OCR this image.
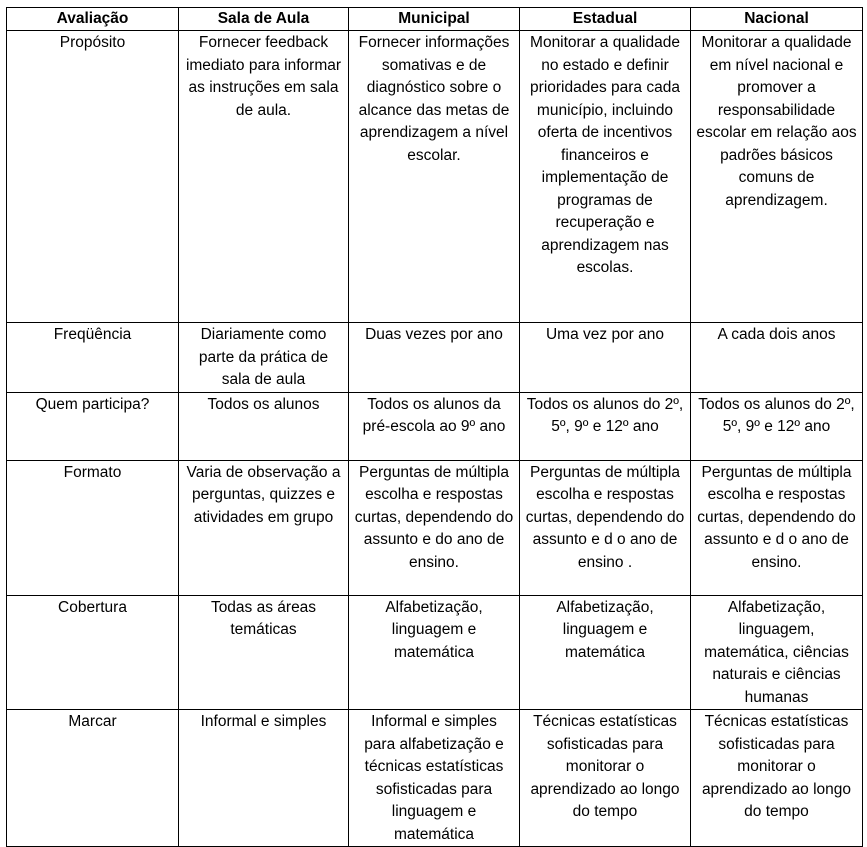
Avaliação	Sala de Aula	Municipal	Estadual	Nacional
Propósito	Fornecer feedback imediato para informar as instruções em sala de aula.	Fornecer informações somativas e de diagnóstico sobre o alcance das metas de aprendizagem a nível escolar.	Monitorar a qualidade no estado e definir prioridades para cada município, incluindo oferta de incentivos financeiros e implementação de programas de recuperação e aprendizagem nas escolas.	Monitorar a qualidade em nível nacional e promover a responsabilidade escolar em relação aos padrões básicos comuns de aprendizagem.
Freqüência	Diariamente como parte da prática de sala de aula	Duas vezes por ano	Uma vez por ano	A cada dois anos
Quem participa?	Todos os alunos	Todos os alunos da pré-escola ao 9º ano	Todos os alunos do 2º, 5º, 9º e 12º ano	Todos os alunos do 2º, 5º, 9º e 12º ano
Formato	Varia de observação a perguntas, quizzes e atividades em grupo	Perguntas de múltipla escolha e respostas curtas, dependendo do assunto e do ano de ensino.	Perguntas de múltipla escolha e respostas curtas, dependendo do assunto e d o ano de ensino .	Perguntas de múltipla escolha e respostas curtas, dependendo do assunto e d o ano de ensino.
Cobertura	Todas as áreas temáticas	Alfabetização, linguagem e matemática	Alfabetização, linguagem e matemática	Alfabetização, linguagem, matemática, ciências naturais e ciências humanas
Marcar	Informal e simples	Informal e simples para alfabetização e técnicas estatísticas sofisticadas para linguagem e matemática	Técnicas estatísticas sofisticadas para monitorar o aprendizado ao longo do tempo	Técnicas estatísticas sofisticadas para monitorar o aprendizado ao longo do tempo
